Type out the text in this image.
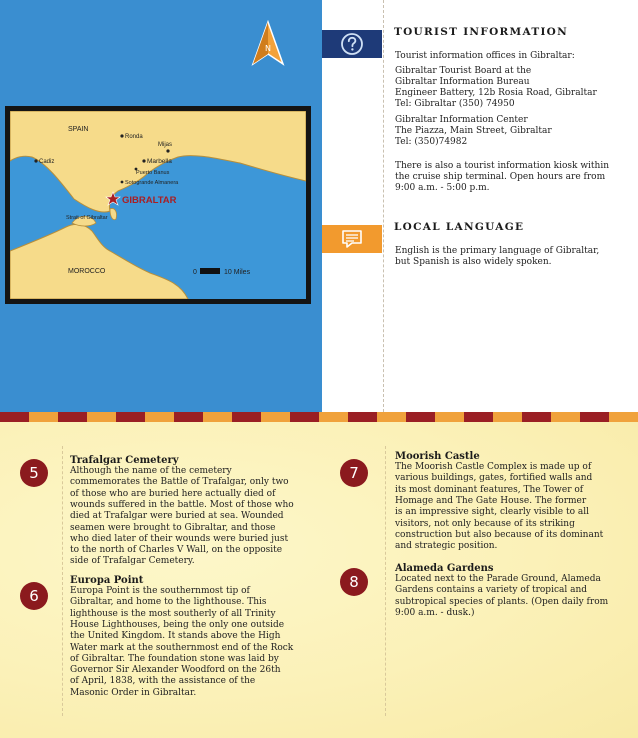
N
SPAIN
MOROCCO
Ronda
Cadiz
Mijas
Marbella
Puerto Banus
Sotogrande Almanera
GIBRALTAR
Strait of Gibraltar
0	10 Miles
TOURIST INFORMATION
Tourist information offices in Gibraltar:
Gibraltar Tourist Board at the
Gibraltar Information Bureau
Engineer Battery, 12b Rosia Road, Gibraltar
Tel: Gibraltar (350) 74950
Gibraltar Information Center
The Piazza, Main Street, Gibraltar
Tel: (350)74982
There is also a tourist information kiosk within
the cruise ship terminal. Open hours are from
9:00 a.m. - 5:00 p.m.
LOCAL LANGUAGE
English is the primary language of Gibraltar,
but Spanish is also widely spoken.
5
Trafalgar Cemetery
Although the name of the cemetery
commemorates the Battle of Trafalgar, only two
of those who are buried here actually died of
wounds suffered in the battle. Most of those who
died at Trafalgar were buried at sea. Wounded
seamen were brought to Gibraltar, and those
who died later of their wounds were buried just
to the north of Charles V Wall, on the opposite
side of Trafalgar Cemetery.
6
Europa Point
Europa Point is the southernmost tip of
Gibraltar, and home to the lighthouse. This
lighthouse is the most southerly of all Trinity
House Lighthouses, being the only one outside
the United Kingdom. It stands above the High
Water mark at the southernmost end of the Rock
of Gibraltar. The foundation stone was laid by
Governor Sir Alexander Woodford on the 26th
of April, 1838, with the assistance of the
Masonic Order in Gibraltar.
7
Moorish Castle
The Moorish Castle Complex is made up of
various buildings, gates, fortified walls and
its most dominant features, The Tower of
Homage and The Gate House. The former
is an impressive sight, clearly visible to all
visitors, not only because of its striking
construction but also because of its dominant
and strategic position.
8
Alameda Gardens
Located next to the Parade Ground, Alameda
Gardens contains a variety of tropical and
subtropical species of plants. (Open daily from
9:00 a.m. - dusk.)
